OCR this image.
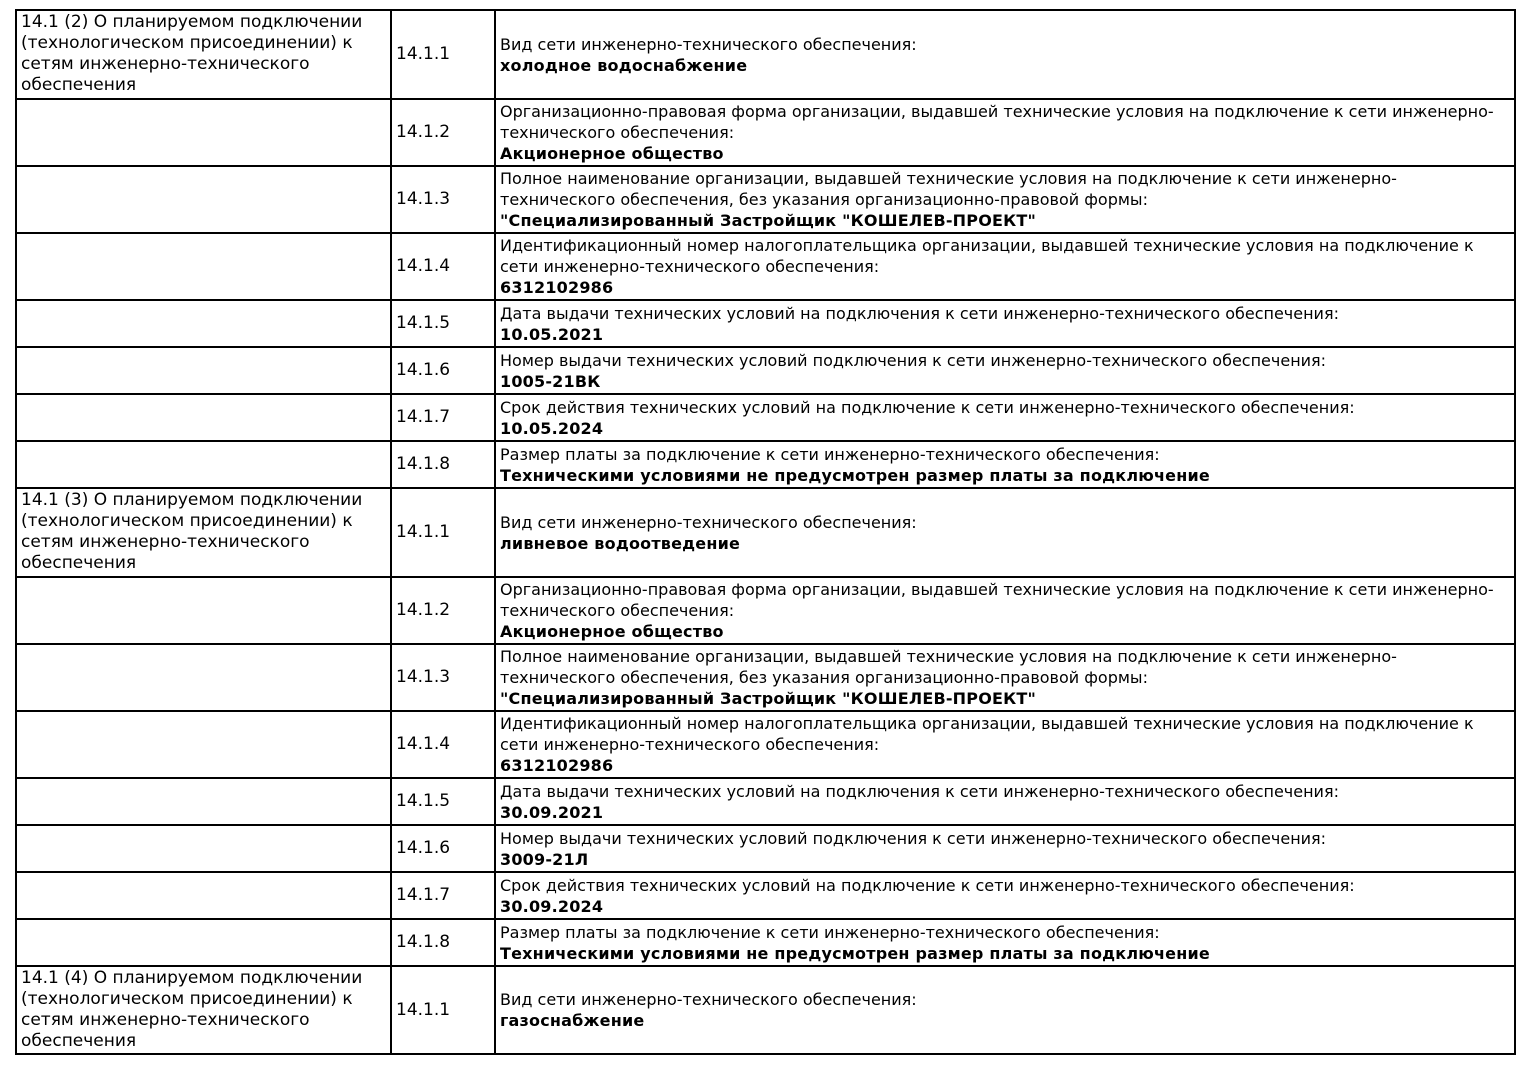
14.1 (2) О планируемом подключении (технологическом присоединении) к сетям инженерно-технического обеспечения	14.1.1	Вид сети инженерно-технического обеспечения:
холодное водоснабжение

	14.1.2	Организационно-правовая форма организации, выдавшей технические условия на подключение к сети инженерно-технического обеспечения:
Акционерное общество

	14.1.3	Полное наименование организации, выдавшей технические условия на подключение к сети инженерно-технического обеспечения, без указания организационно-правовой формы:
"Специализированный Застройщик "КОШЕЛЕВ-ПРОЕКТ"

	14.1.4	Идентификационный номер налогоплательщика организации, выдавшей технические условия на подключение к сети инженерно-технического обеспечения:
6312102986

	14.1.5	Дата выдачи технических условий на подключения к сети инженерно-технического обеспечения:
10.05.2021

	14.1.6	Номер выдачи технических условий подключения к сети инженерно-технического обеспечения:
1005-21ВК

	14.1.7	Срок действия технических условий на подключение к сети инженерно-технического обеспечения:
10.05.2024

	14.1.8	Размер платы за подключение к сети инженерно-технического обеспечения:
Техническими условиями не предусмотрен размер платы за подключение

14.1 (3) О планируемом подключении (технологическом присоединении) к сетям инженерно-технического обеспечения	14.1.1	Вид сети инженерно-технического обеспечения:
ливневое водоотведение

	14.1.2	Организационно-правовая форма организации, выдавшей технические условия на подключение к сети инженерно-технического обеспечения:
Акционерное общество

	14.1.3	Полное наименование организации, выдавшей технические условия на подключение к сети инженерно-технического обеспечения, без указания организационно-правовой формы:
"Специализированный Застройщик "КОШЕЛЕВ-ПРОЕКТ"

	14.1.4	Идентификационный номер налогоплательщика организации, выдавшей технические условия на подключение к сети инженерно-технического обеспечения:
6312102986

	14.1.5	Дата выдачи технических условий на подключения к сети инженерно-технического обеспечения:
30.09.2021

	14.1.6	Номер выдачи технических условий подключения к сети инженерно-технического обеспечения:
3009-21Л

	14.1.7	Срок действия технических условий на подключение к сети инженерно-технического обеспечения:
30.09.2024

	14.1.8	Размер платы за подключение к сети инженерно-технического обеспечения:
Техническими условиями не предусмотрен размер платы за подключение

14.1 (4) О планируемом подключении (технологическом присоединении) к сетям инженерно-технического обеспечения	14.1.1	Вид сети инженерно-технического обеспечения:
газоснабжение
